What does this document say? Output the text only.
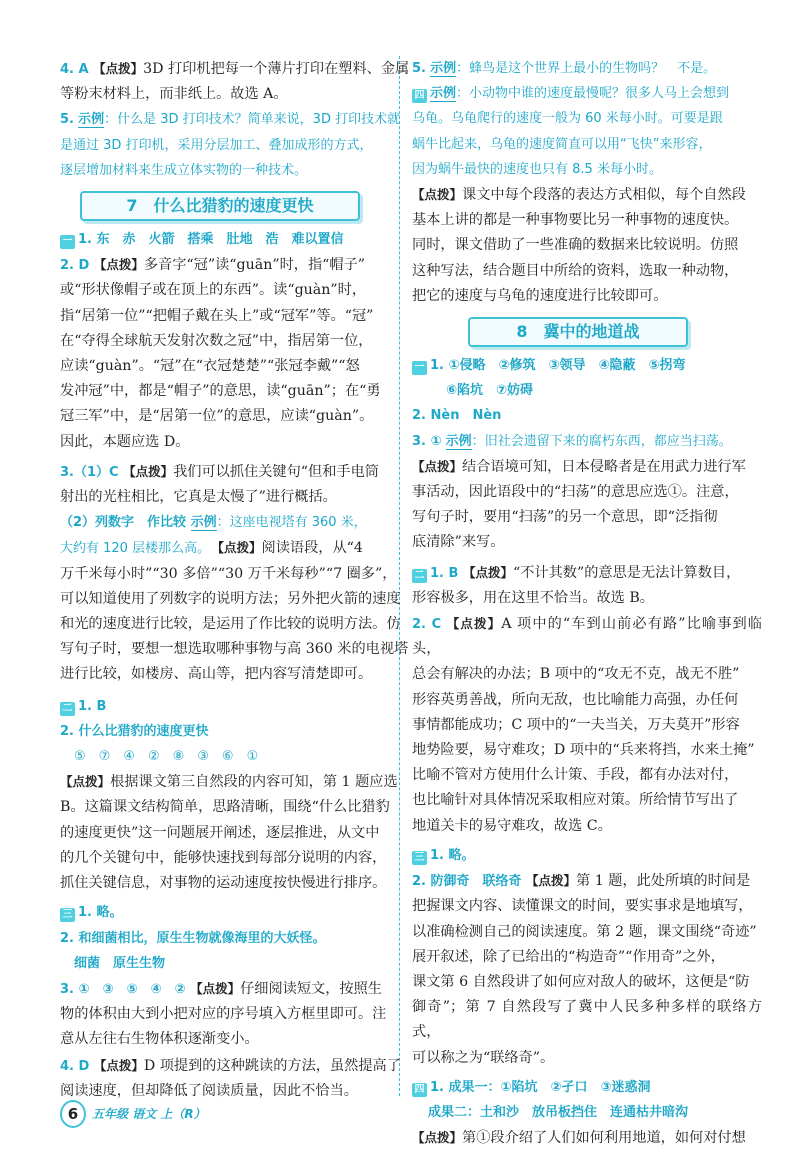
4. A 【点拨】3D 打印机把每一个薄片打印在塑料、金属
等粉末材料上，而非纸上。故选 A。

5. 示例：什么是 3D 打印技术？简单来说，3D 打印技术就
是通过 3D 打印机，采用分层加工、叠加成形的方式，
逐层增加材料来生成立体实物的一种技术。

7　什么比猎豹的速度更快

一 1. 东　赤　火箭　搭乘　肚地　浩　难以置信

2. D 【点拨】多音字“冠”读“guān”时，指“帽子”
或“形状像帽子或在顶上的东西”。读“guàn”时，
指“居第一位”“把帽子戴在头上”或“冠军”等。“冠”
在“夺得全球航天发射次数之冠”中，指居第一位，
应读“guàn”。“冠”在“衣冠楚楚”“张冠李戴”“怒
发冲冠”中，都是“帽子”的意思，读“guān”；在“勇
冠三军”中，是“居第一位”的意思，应读“guàn”。
因此，本题应选 D。

3.（1）C 【点拨】我们可以抓住关键句“但和手电筒
射出的光柱相比，它真是太慢了”进行概括。

（2）列数字　作比较 示例：这座电视塔有 360 米，
大约有 120 层楼那么高。　 【点拨】阅读语段，从“4
万千米每小时”“30 多倍”“30 万千米每秒”“7 圈多”，
可以知道使用了列数字的说明方法；另外把火箭的速度
和光的速度进行比较，是运用了作比较的说明方法。仿
写句子时，要想一想选取哪种事物与高 360 米的电视塔
进行比较，如楼房、高山等，把内容写清楚即可。

二 1. B

2. 什么比猎豹的速度更快

⑤　⑦　④　②　⑧　③　⑥　①

【点拨】根据课文第三自然段的内容可知，第 1 题应选
B。这篇课文结构简单，思路清晰，围绕“什么比猎豹
的速度更快”这一问题展开阐述，逐层推进，从文中
的几个关键句中，能够快速找到每部分说明的内容，
抓住关键信息，对事物的运动速度按快慢进行排序。

三 1. 略。

2. 和细菌相比，原生生物就像海里的大妖怪。

细菌　原生生物

3. ①　③　⑤　④　② 【点拨】仔细阅读短文，按照生
物的体积由大到小把对应的序号填入方框里即可。注
意从左往右生物体积逐渐变小。

4. D 【点拨】D 项提到的这种跳读的方法，虽然提高了
阅读速度，但却降低了阅读质量，因此不恰当。

5. 示例：蜂鸟是这个世界上最小的生物吗？　不是。

四 示例：小动物中谁的速度最慢呢？很多人马上会想到
乌龟。乌龟爬行的速度一般为 60 米每小时。可要是跟
蜗牛比起来，乌龟的速度简直可以用“飞快”来形容，
因为蜗牛最快的速度也只有 8.5 米每小时。

【点拨】课文中每个段落的表达方式相似，每个自然段
基本上讲的都是一种事物要比另一种事物的速度快。
同时，课文借助了一些准确的数据来比较说明。仿照
这种写法，结合题目中所给的资料，选取一种动物，
把它的速度与乌龟的速度进行比较即可。

8　冀中的地道战

一 1. ①侵略　②修筑　③领导　④隐蔽　⑤拐弯
⑥陷坑　⑦妨碍

2. Nèn　Nèn

3. ① 示例：旧社会遗留下来的腐朽东西，都应当扫荡。

【点拨】结合语境可知，日本侵略者是在用武力进行军
事活动，因此语段中的“扫荡”的意思应选①。注意，
写句子时，要用“扫荡”的另一个意思，即“泛指彻
底清除”来写。

二 1. B 【点拨】“不计其数”的意思是无法计算数目，
形容极多，用在这里不恰当。故选 B。

2. C 【点拨】A 项中的“车到山前必有路”比喻事到临头，
总会有解决的办法；B 项中的“攻无不克，战无不胜”
形容英勇善战，所向无敌，也比喻能力高强，办任何
事情都能成功；C 项中的“一夫当关，万夫莫开”形容
地势险要，易守难攻；D 项中的“兵来将挡，水来土掩”
比喻不管对方使用什么计策、手段，都有办法对付，
也比喻针对具体情况采取相应对策。所给情节写出了
地道关卡的易守难攻，故选 C。

三 1. 略。

2. 防御奇　联络奇 【点拨】第 1 题，此处所填的时间是
把握课文内容、读懂课文的时间，要实事求是地填写，
以准确检测自己的阅读速度。第 2 题，课文围绕“奇迹”
展开叙述，除了已给出的“构造奇”“作用奇”之外，
课文第 6 自然段讲了如何应对敌人的破坏，这便是“防
御奇”；第 7 自然段写了冀中人民多种多样的联络方式，
可以称之为“联络奇”。

四 1. 成果一：①陷坑　②孑口　③迷惑洞
成果二：土和沙　放吊板挡住　连通枯井暗沟

【点拨】第①段介绍了人们如何利用地道，如何对付想

6	五年级 语文 上（R）
